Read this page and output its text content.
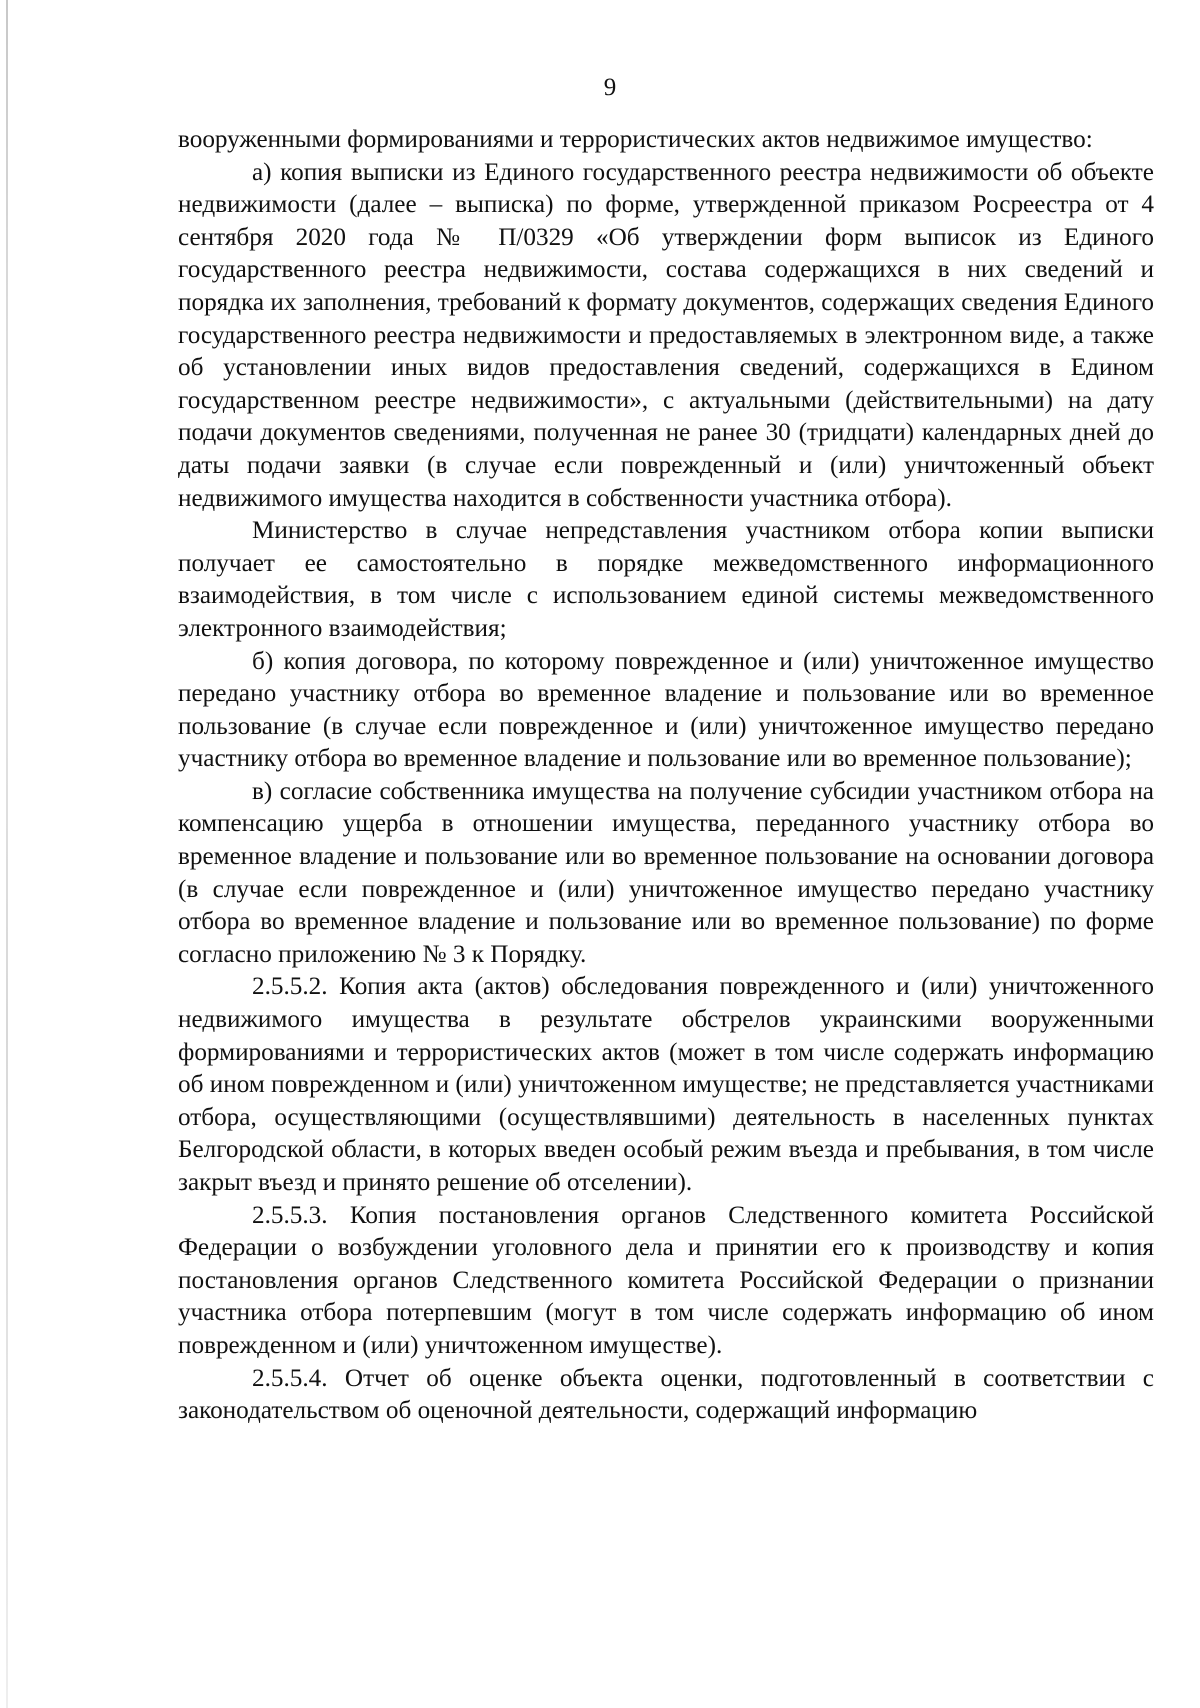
9

вооруженными формированиями и террористических актов недвижимое имущество:

а) копия выписки из Единого государственного реестра недвижимости об объекте недвижимости (далее – выписка) по форме, утвержденной приказом Росреестра от 4 сентября 2020 года № П/0329 «Об утверждении форм выписок из Единого государственного реестра недвижимости, состава содержащихся в них сведений и порядка их заполнения, требований к формату документов, содержащих сведения Единого государственного реестра недвижимости и предоставляемых в электронном виде, а также об установлении иных видов предоставления сведений, содержащихся в Едином государственном реестре недвижимости», с актуальными (действительными) на дату подачи документов сведениями, полученная не ранее 30 (тридцати) календарных дней до даты подачи заявки (в случае если поврежденный и (или) уничтоженный объект недвижимого имущества находится в собственности участника отбора).

Министерство в случае непредставления участником отбора копии выписки получает ее самостоятельно в порядке межведомственного информационного взаимодействия, в том числе с использованием единой системы межведомственного электронного взаимодействия;

б) копия договора, по которому поврежденное и (или) уничтоженное имущество передано участнику отбора во временное владение и пользование или во временное пользование (в случае если поврежденное и (или) уничтоженное имущество передано участнику отбора во временное владение и пользование или во временное пользование);

в) согласие собственника имущества на получение субсидии участником отбора на компенсацию ущерба в отношении имущества, переданного участнику отбора во временное владение и пользование или во временное пользование на основании договора (в случае если поврежденное и (или) уничтоженное имущество передано участнику отбора во временное владение и пользование или во временное пользование) по форме согласно приложению № 3 к Порядку.

2.5.5.2. Копия акта (актов) обследования поврежденного и (или) уничтоженного недвижимого имущества в результате обстрелов украинскими вооруженными формированиями и террористических актов (может в том числе содержать информацию об ином поврежденном и (или) уничтоженном имуществе; не представляется участниками отбора, осуществляющими (осуществлявшими) деятельность в населенных пунктах Белгородской области, в которых введен особый режим въезда и пребывания, в том числе закрыт въезд и принято решение об отселении).

2.5.5.3. Копия постановления органов Следственного комитета Российской Федерации о возбуждении уголовного дела и принятии его к производству и копия постановления органов Следственного комитета Российской Федерации о признании участника отбора потерпевшим (могут в том числе содержать информацию об ином поврежденном и (или) уничтоженном имуществе).

2.5.5.4. Отчет об оценке объекта оценки, подготовленный в соответствии с законодательством об оценочной деятельности, содержащий информацию
